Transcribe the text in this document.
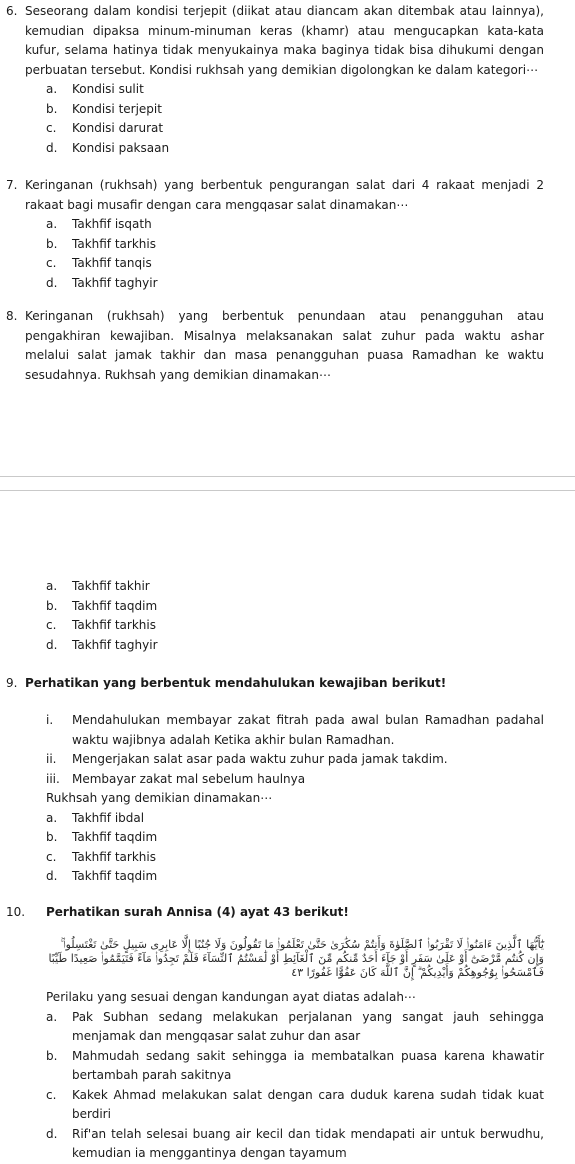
6. Seseorang dalam kondisi terjepit (diikat atau diancam akan ditembak atau lainnya), kemudian dipaksa minum-minuman keras (khamr) atau mengucapkan kata-kata kufur, selama hatinya tidak menyukainya maka baginya tidak bisa dihukumi dengan perbuatan tersebut. Kondisi rukhsah yang demikian digolongkan ke dalam kategori⋯
a. Kondisi sulit
b. Kondisi terjepit
c. Kondisi darurat
d. Kondisi paksaan
7. Keringanan (rukhsah) yang berbentuk pengurangan salat dari 4 rakaat menjadi 2 rakaat bagi musafir dengan cara mengqasar salat dinamakan⋯
a. Takhfif isqath
b. Takhfif tarkhis
c. Takhfif tanqis
d. Takhfif taghyir
8. Keringanan (rukhsah) yang berbentuk penundaan atau penangguhan atau pengakhiran kewajiban. Misalnya melaksanakan salat zuhur pada waktu ashar melalui salat jamak takhir dan masa penangguhan puasa Ramadhan ke waktu sesudahnya. Rukhsah yang demikian dinamakan⋯
a. Takhfif takhir
b. Takhfif taqdim
c. Takhfif tarkhis
d. Takhfif taghyir
9. Perhatikan yang berbentuk mendahulukan kewajiban berikut!
i. Mendahulukan membayar zakat fitrah pada awal bulan Ramadhan padahal waktu wajibnya adalah Ketika akhir bulan Ramadhan.
ii. Mengerjakan salat asar pada waktu zuhur pada jamak takdim.
iii. Membayar zakat mal sebelum haulnya
Rukhsah yang demikian dinamakan⋯
a. Takhfif ibdal
b. Takhfif taqdim
c. Takhfif tarkhis
d. Takhfif taqdim
10. Perhatikan surah Annisa (4) ayat 43 berikut!
يَٰٓأَيُّهَا ٱلَّذِينَ ءَامَنُوا۟ لَا تَقْرَبُوا۟ ٱلصَّلَوٰةَ وَأَنتُمْ سُكَٰرَىٰ حَتَّىٰ تَعْلَمُوا۟ مَا تَقُولُونَ وَلَا جُنُبًا إِلَّا عَابِرِى سَبِيلٍ حَتَّىٰ تَغْتَسِلُوا۟ ۚ وَإِن كُنتُم مَّرْضَىٰٓ أَوْ عَلَىٰ سَفَرٍ أَوْ جَآءَ أَحَدٌ مِّنكُم مِّنَ ٱلْغَآئِطِ أَوْ لَٰمَسْتُمُ ٱلنِّسَآءَ فَلَمْ تَجِدُوا۟ مَآءً فَتَيَمَّمُوا۟ صَعِيدًا طَيِّبًا فَٱمْسَحُوا۟ بِوُجُوهِكُمْ وَأَيْدِيكُمْ ۗ إِنَّ ٱللَّهَ كَانَ عَفُوًّا غَفُورًا ٤٣
Perilaku yang sesuai dengan kandungan ayat diatas adalah⋯
a. Pak Subhan sedang melakukan perjalanan yang sangat jauh sehingga menjamak dan mengqasar salat zuhur dan asar
b. Mahmudah sedang sakit sehingga ia membatalkan puasa karena khawatir bertambah parah sakitnya
c. Kakek Ahmad melakukan salat dengan cara duduk karena sudah tidak kuat berdiri
d. Rif'an telah selesai buang air kecil dan tidak mendapati air untuk berwudhu, kemudian ia menggantinya dengan tayamum
